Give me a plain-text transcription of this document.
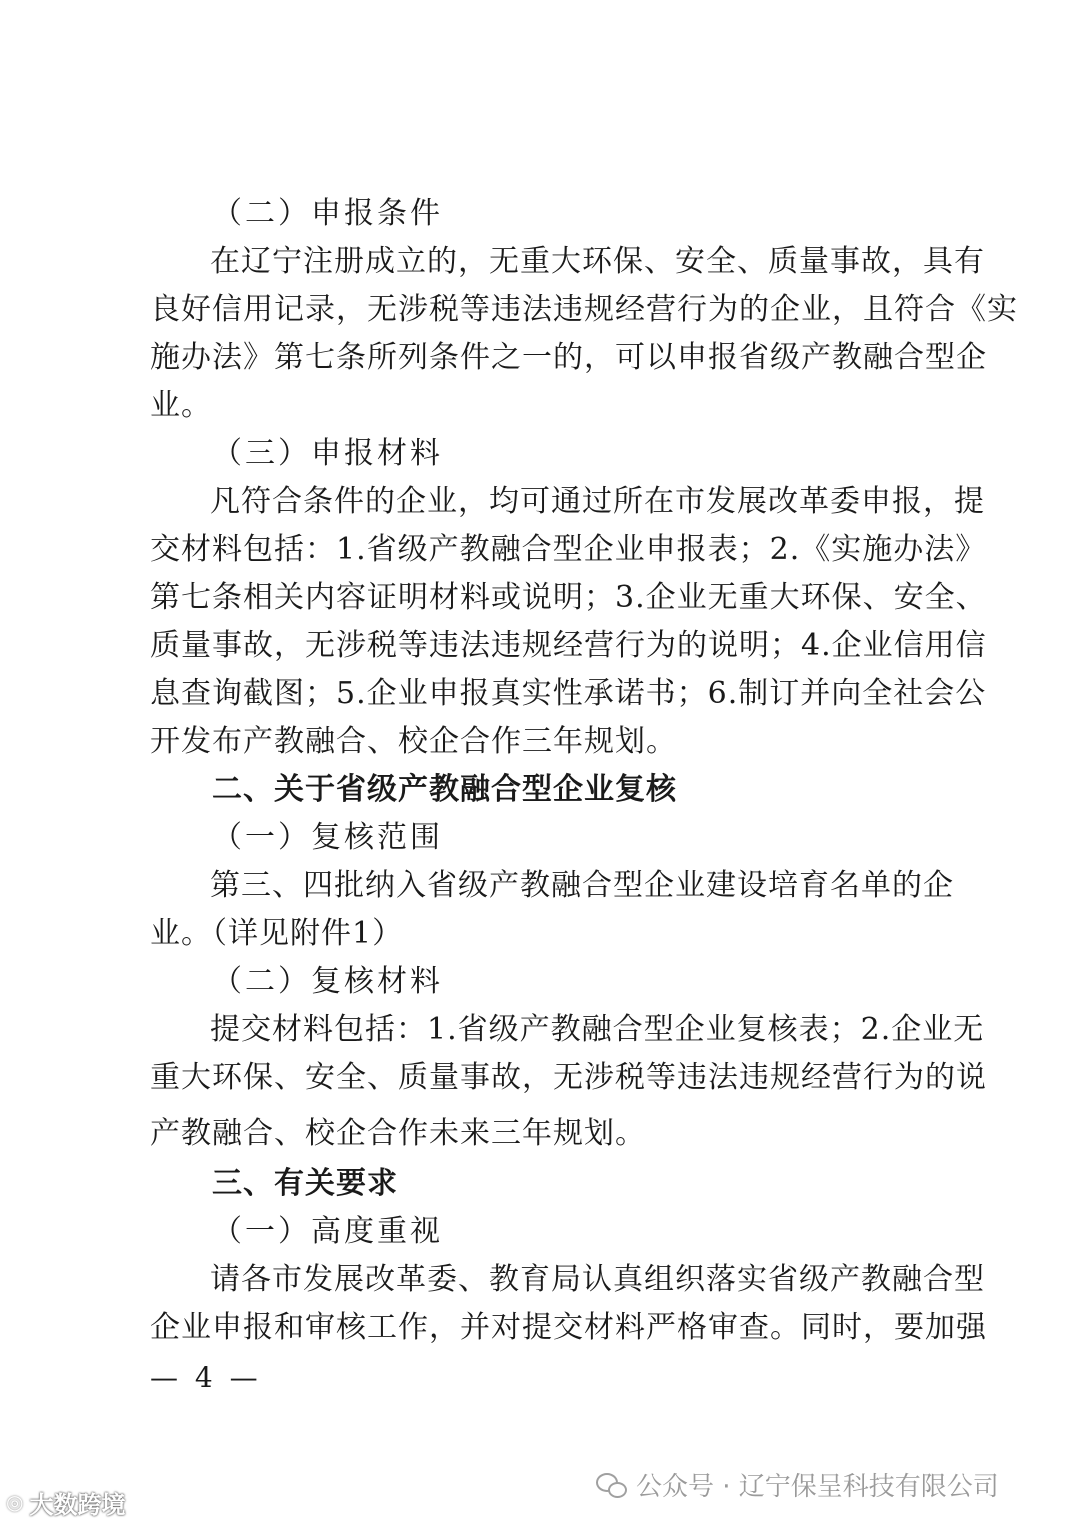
（二）申报条件
在辽宁注册成立的，无重大环保、安全、质量事故，具有
良好信用记录，无涉税等违法违规经营行为的企业，且符合《实
施办法》第七条所列条件之一的，可以申报省级产教融合型企
业。
（三）申报材料
凡符合条件的企业，均可通过所在市发展改革委申报，提
交材料包括：1.省级产教融合型企业申报表；2.《实施办法》
第七条相关内容证明材料或说明；3.企业无重大环保、安全、
质量事故，无涉税等违法违规经营行为的说明；4.企业信用信
息查询截图；5.企业申报真实性承诺书；6.制订并向全社会公
开发布产教融合、校企合作三年规划。
二、关于省级产教融合型企业复核
（一）复核范围
第三、四批纳入省级产教融合型企业建设培育名单的企
业。（详见附件1）
（二）复核材料
提交材料包括：1.省级产教融合型企业复核表；2.企业无
重大环保、安全、质量事故，无涉税等违法违规经营行为的说
产教融合、校企合作未来三年规划。
三、有关要求
（一）高度重视
请各市发展改革委、教育局认真组织落实省级产教融合型
企业申报和审核工作，并对提交材料严格审查。同时，要加强
— 4 —
公众号 · 辽宁保呈科技有限公司
◎ 大数跨境
